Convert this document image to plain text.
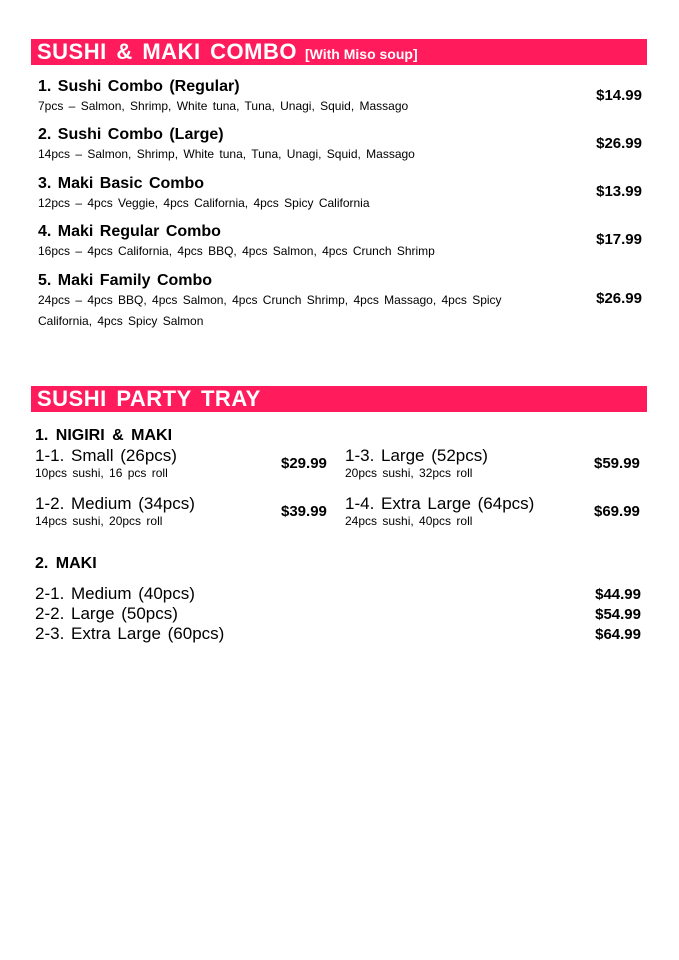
SUSHI & MAKI COMBO [With Miso soup]
1. Sushi Combo (Regular)
7pcs – Salmon, Shrimp, White tuna, Tuna, Unagi, Squid, Massago
$14.99
2. Sushi Combo (Large)
14pcs – Salmon, Shrimp, White tuna, Tuna, Unagi, Squid, Massago
$26.99
3. Maki Basic Combo
12pcs – 4pcs Veggie, 4pcs California, 4pcs Spicy California
$13.99
4. Maki Regular Combo
16pcs – 4pcs California, 4pcs BBQ, 4pcs Salmon, 4pcs Crunch Shrimp
$17.99
5. Maki Family Combo
24pcs – 4pcs BBQ, 4pcs Salmon, 4pcs Crunch Shrimp, 4pcs Massago, 4pcs Spicy California, 4pcs Spicy Salmon
$26.99
SUSHI PARTY TRAY
1. NIGIRI & MAKI
1-1. Small (26pcs)
10pcs sushi, 16 pcs roll
$29.99
1-2. Medium (34pcs)
14pcs sushi, 20pcs roll
$39.99
1-3. Large (52pcs)
20pcs sushi, 32pcs roll
$59.99
1-4. Extra Large (64pcs)
24pcs sushi, 40pcs roll
$69.99
2. MAKI
2-1. Medium (40pcs)	$44.99
2-2. Large (50pcs)	$54.99
2-3. Extra Large (60pcs)	$64.99
